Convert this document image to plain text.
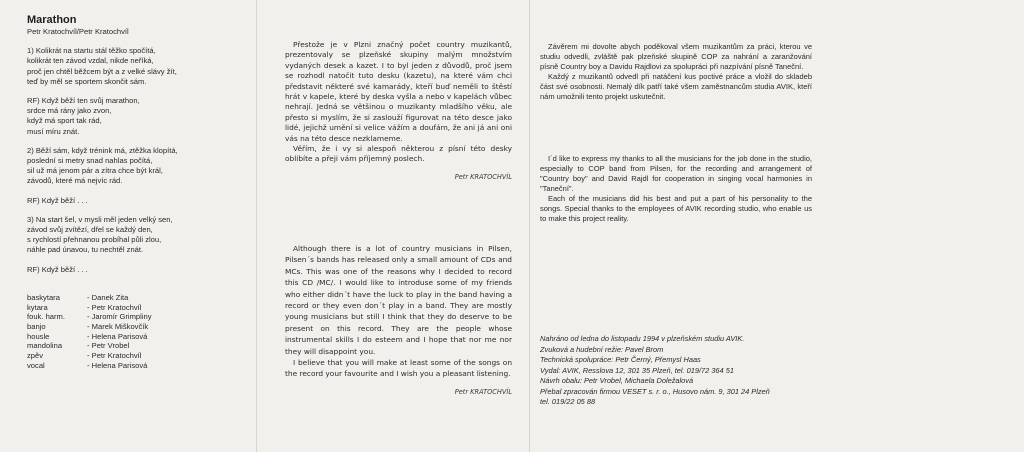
Marathon
Petr Kratochvíl/Petr Kratochvíl
1) Kolikrát na startu stál těžko spočítá,
kolikrát ten závod vzdal, nikde neříká,
proč jen chtěl běžcem být a z velké slávy žít,
teď by měl se sportem skončit sám.
RF) Když běží ten svůj marathon,
srdce má rány jako zvon,
když má sport tak rád,
musí míru znát.
2) Běží sám, když trénink má, ztěžka klopítá,
poslední si metry snad nahlas počítá,
sil už má jenom pár a zítra chce být král,
závodů, které má nejvíc rád.
RF) Když běží . . .
3) Na start šel, v mysli měl jeden velký sen,
závod svůj zvítězí, dřel se každý den,
s rychlostí přehnanou probíhal půli zlou,
náhle pad únavou, tu nechtěl znát.
RF) Když běží . . .
baskytara	- Danek Zita
kytara	- Petr Kratochvíl
fouk. harm.	- Jaromír Grimpliny
banjo	- Marek Miškovčík
housle	- Helena Parisová
mandolina	- Petr Vrobel
zpěv	- Petr Kratochvíl
vocal	- Helena Parisová

Přestože je v Plzni značný počet country muzikantů, prezentovaly se plzeňské skupiny malým množstvím vydaných desek a kazet. I to byl jeden z důvodů, proč jsem se rozhodl natočit tuto desku (kazetu), na které vám chci představit některé své kamarády, kteří buď neměli to štěstí hrát v kapele, které by deska vyšla a nebo v kapelách vůbec nehrají. Jedná se většinou o muzikanty mladšího věku, ale přesto si myslím, že si zaslouží figurovat na této desce jako lidé, jejichž umění si velice vážím a doufám, že ani já ani oni vás na této desce nezklameme.

Věřím, že i vy si alespoň některou z písní této desky oblíbíte a přeji vám příjemný poslech.

Petr KRATOCHVÍL

Although there is a lot of country musicians in Pilsen, Pilsen´s bands has released only a small amount of CDs and MCs. This was one of the reasons why I decided to record this CD /MC/. I would like to introduse some of my friends who either didn´t have the luck to play in the band having a record or they even don´t play in a band. They are mostly young musicians but still I think that they do deserve to be present on this record. They are the people whose instrumental skills I do esteem and I hope that nor me nor they will disappoint you.

I believe that you will make at least some of the songs on the record your favourite and I wish you a pleasant listening.

Petr KRATOCHVÍL

Závěrem mi dovolte abych poděkoval všem muzikantům za práci, kterou ve studiu odvedli, zvláště pak plzeňské skupině COP za nahrání a zaranžování písně Country boy a Davidu Rajdlovi za spolupráci při nazpívání písně Taneční.

Každý z muzikantů odvedl při natáčení kus poctivé práce a vložil do skladeb část své osobnosti. Nemalý dík patří také všem zaměstnancům studia AVIK, kteří nám umožnili tento projekt uskutečnit.

I´d like to express my thanks to all the musicians for the job done in the studio, especially to COP band from Pilsen, for the recording and arrangement of "Country boy" and David Rajdl for cooperation in singing vocal harmonies in "Taneční".

Each of the musicians did his best and put a part of his personality to the songs. Special thanks to the employees of AVIK recording studio, who enable us to make this project reality.

Nahráno od ledna do listopadu 1994 v plzeňském studiu AVIK.
Zvuková a hudební režie: Pavel Brom
Technická spolupráce: Petr Černý, Přemysl Haas
Vydal: AVIK, Resslova 12, 301 35 Plzeň, tel. 019/72 364 51
Návrh obalu: Petr Vrobel, Michaela Doležalová
Přebal zpracován firmou VESET s. r. o., Husovo nám. 9, 301 24 Plzeň
tel. 019/22 05 88
